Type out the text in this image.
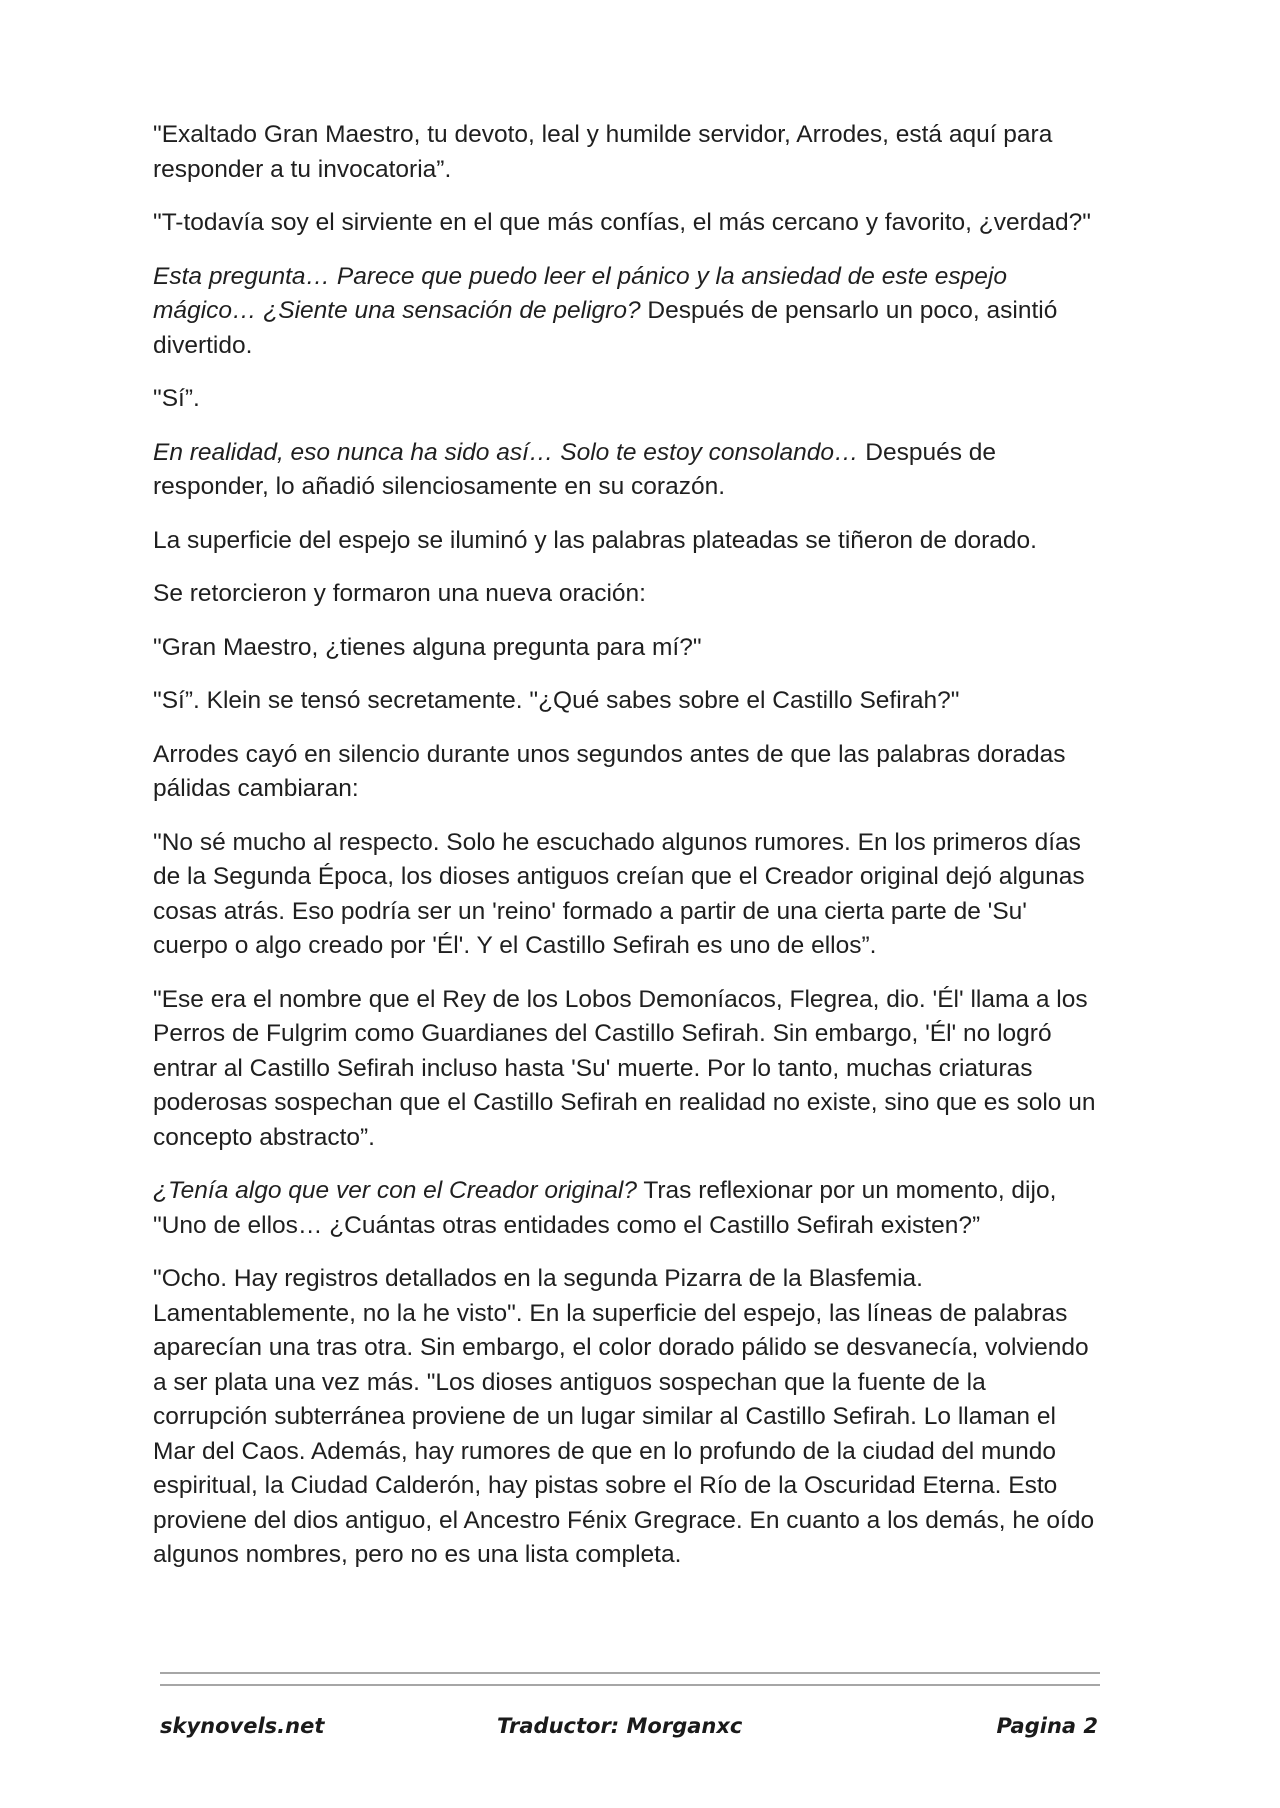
"Exaltado Gran Maestro, tu devoto, leal y humilde servidor, Arrodes, está aquí para responder a tu invocatoria”.

"T-todavía soy el sirviente en el que más confías, el más cercano y favorito, ¿verdad?"

Esta pregunta… Parece que puedo leer el pánico y la ansiedad de este espejo mágico… ¿Siente una sensación de peligro? Después de pensarlo un poco, asintió divertido.

"Sí”.

En realidad, eso nunca ha sido así… Solo te estoy consolando… Después de responder, lo añadió silenciosamente en su corazón.

La superficie del espejo se iluminó y las palabras plateadas se tiñeron de dorado.

Se retorcieron y formaron una nueva oración:

"Gran Maestro, ¿tienes alguna pregunta para mí?"

"Sí”. Klein se tensó secretamente. "¿Qué sabes sobre el Castillo Sefirah?"

Arrodes cayó en silencio durante unos segundos antes de que las palabras doradas pálidas cambiaran:

"No sé mucho al respecto. Solo he escuchado algunos rumores. En los primeros días de la Segunda Época, los dioses antiguos creían que el Creador original dejó algunas cosas atrás. Eso podría ser un 'reino' formado a partir de una cierta parte de 'Su' cuerpo o algo creado por 'Él'. Y el Castillo Sefirah es uno de ellos”.

"Ese era el nombre que el Rey de los Lobos Demoníacos, Flegrea, dio. 'Él' llama a los Perros de Fulgrim como Guardianes del Castillo Sefirah. Sin embargo, 'Él' no logró entrar al Castillo Sefirah incluso hasta 'Su' muerte. Por lo tanto, muchas criaturas poderosas sospechan que el Castillo Sefirah en realidad no existe, sino que es solo un concepto abstracto”.

¿Tenía algo que ver con el Creador original? Tras reflexionar por un momento, dijo, "Uno de ellos… ¿Cuántas otras entidades como el Castillo Sefirah existen?”

"Ocho. Hay registros detallados en la segunda Pizarra de la Blasfemia. Lamentablemente, no la he visto". En la superficie del espejo, las líneas de palabras aparecían una tras otra. Sin embargo, el color dorado pálido se desvanecía, volviendo a ser plata una vez más. "Los dioses antiguos sospechan que la fuente de la corrupción subterránea proviene de un lugar similar al Castillo Sefirah. Lo llaman el Mar del Caos. Además, hay rumores de que en lo profundo de la ciudad del mundo espiritual, la Ciudad Calderón, hay pistas sobre el Río de la Oscuridad Eterna. Esto proviene del dios antiguo, el Ancestro Fénix Gregrace. En cuanto a los demás, he oído algunos nombres, pero no es una lista completa.

skynovels.net	Traductor: Morganxc	Pagina 2
